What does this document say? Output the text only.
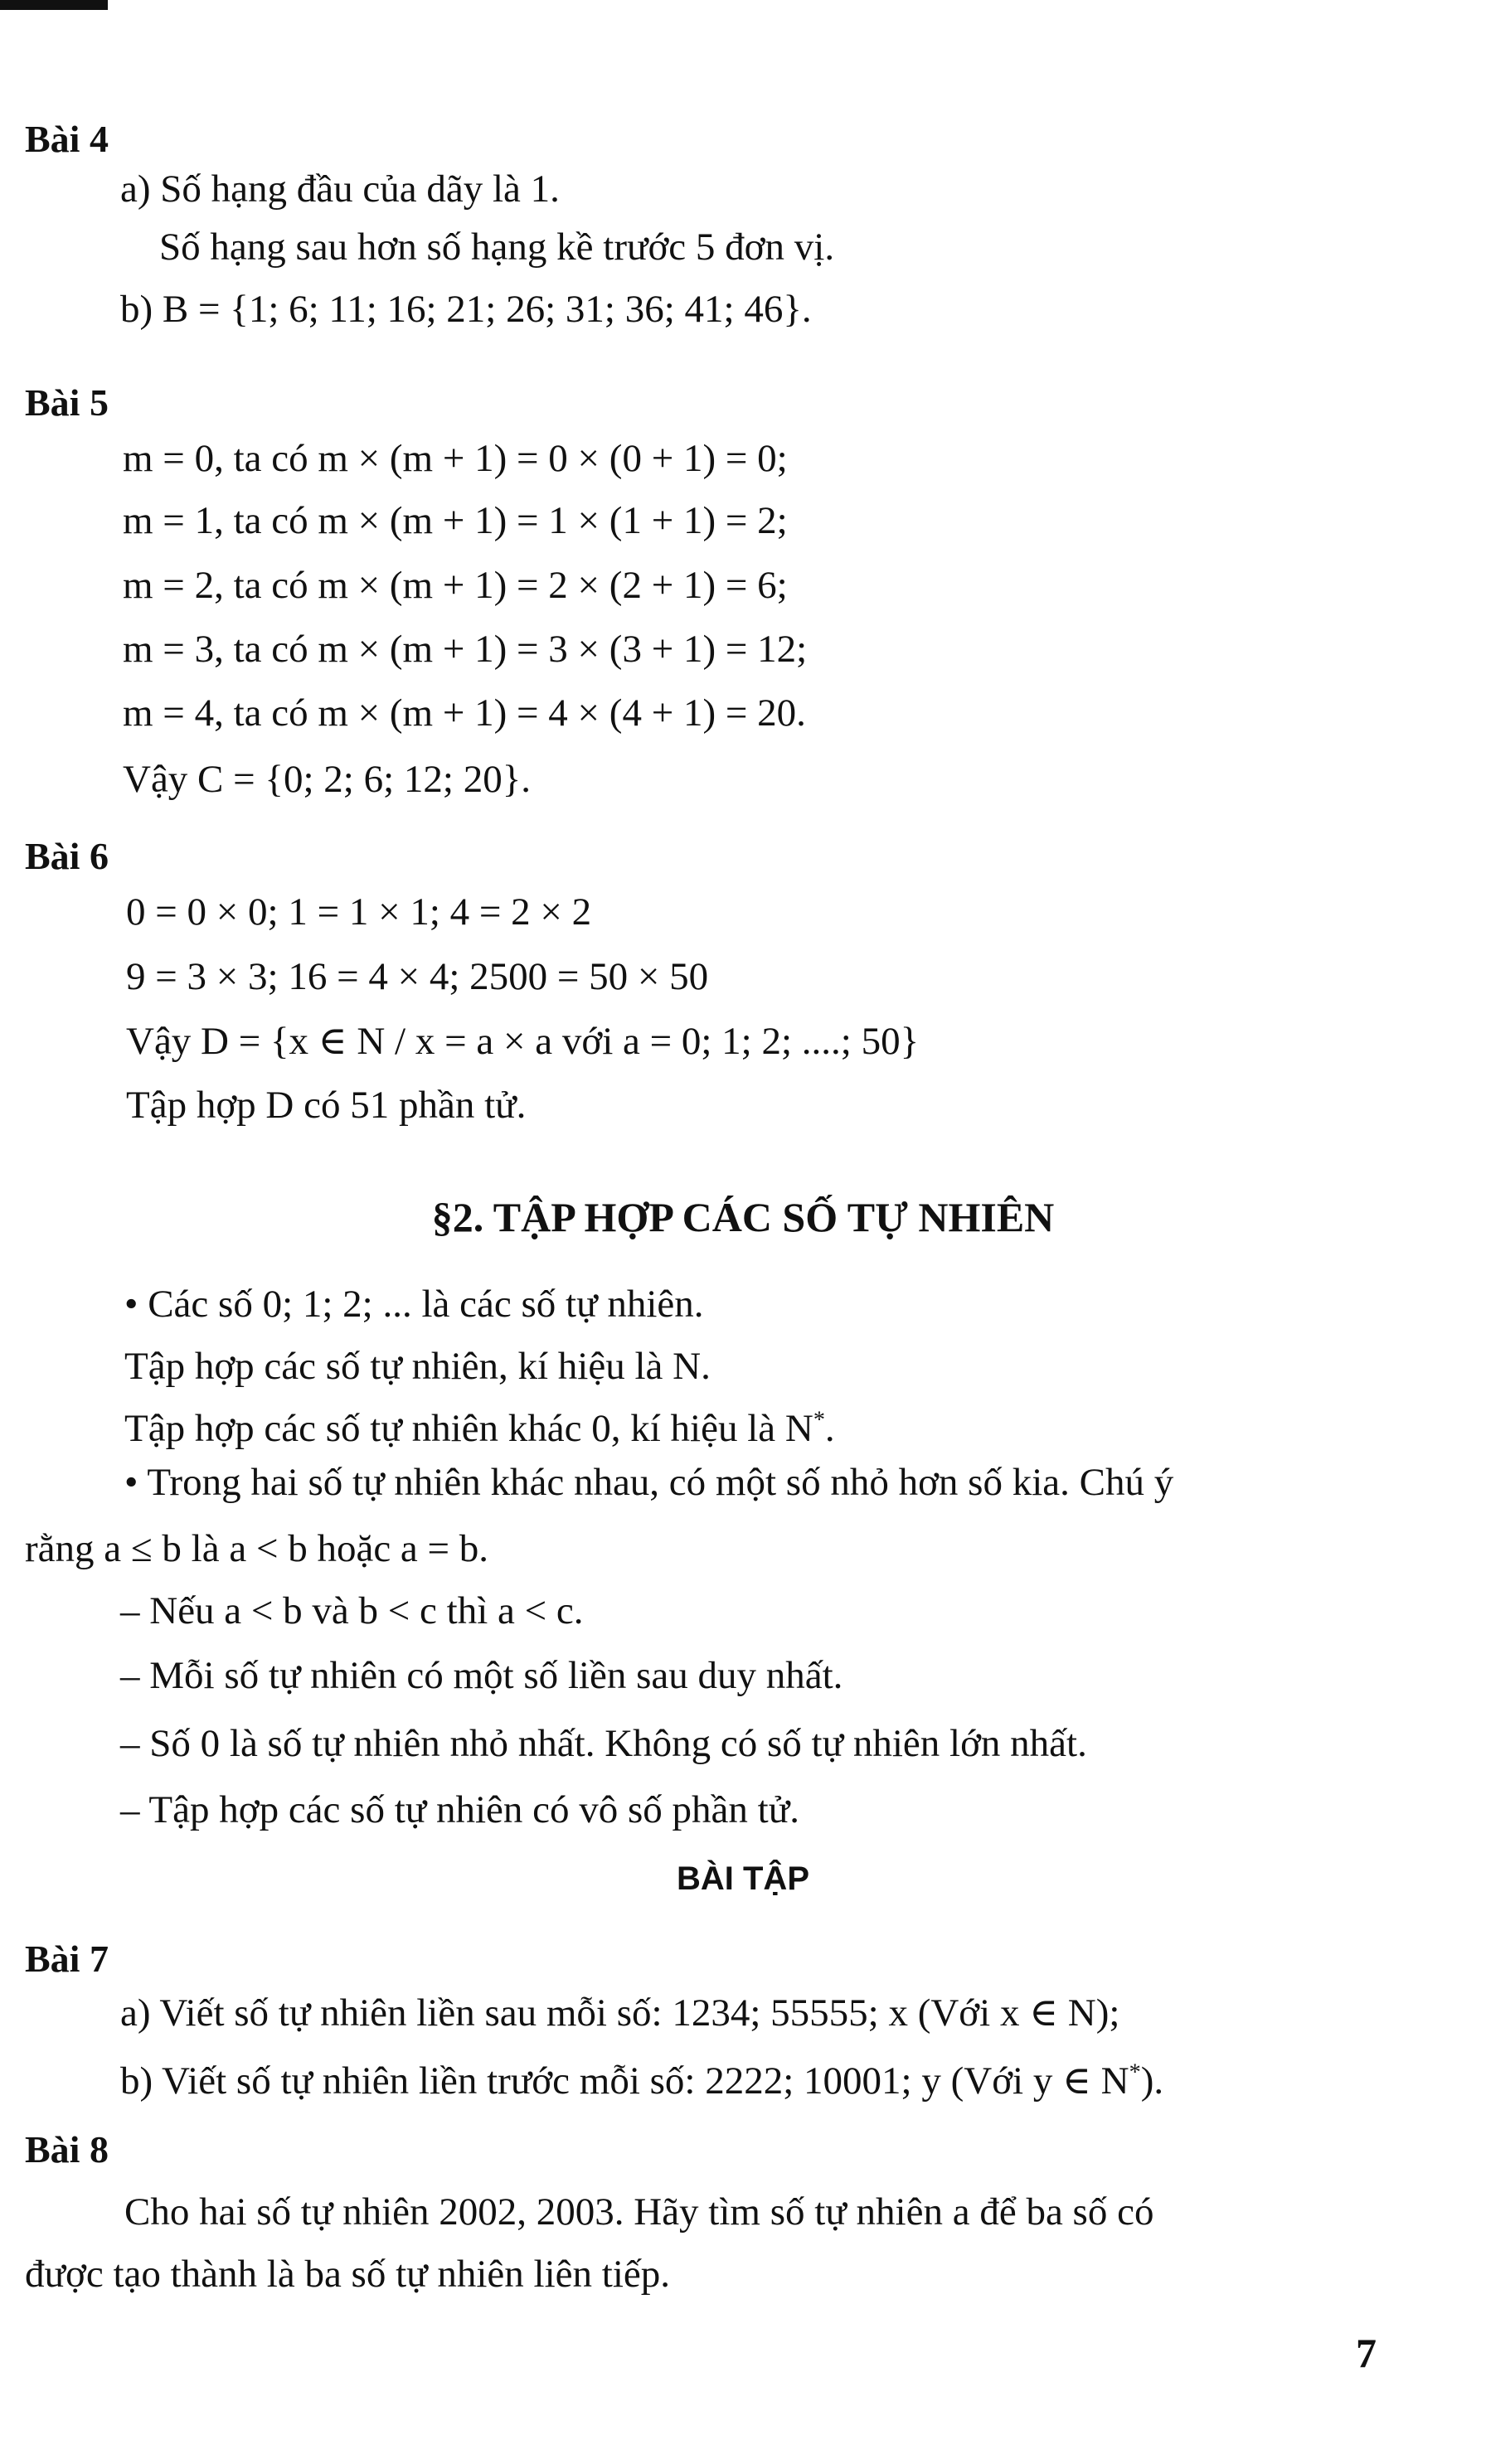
Bài 4
a) Số hạng đầu của dãy là 1.
Số hạng sau hơn số hạng kề trước 5 đơn vị.
b) B = {1; 6; 11; 16; 21; 26; 31; 36; 41; 46}.
Bài 5
m = 0, ta có m × (m + 1) = 0 × (0 + 1) = 0;
m = 1, ta có m × (m + 1) = 1 × (1 + 1) = 2;
m = 2, ta có m × (m + 1) = 2 × (2 + 1) = 6;
m = 3, ta có m × (m + 1) = 3 × (3 + 1) = 12;
m = 4, ta có m × (m + 1) = 4 × (4 + 1) = 20.
Vậy C = {0; 2; 6; 12; 20}.
Bài 6
0 = 0 × 0; 1 = 1 × 1; 4 = 2 × 2
9 = 3 × 3; 16 = 4 × 4; 2500 = 50 × 50
Vậy D = {x ∈ N / x = a × a với a = 0; 1; 2; ....; 50}
Tập hợp D có 51 phần tử.
§2. TẬP HỢP CÁC SỐ TỰ NHIÊN
• Các số 0; 1; 2; ... là các số tự nhiên.
Tập hợp các số tự nhiên, kí hiệu là N.
Tập hợp các số tự nhiên khác 0, kí hiệu là N*.
• Trong hai số tự nhiên khác nhau, có một số nhỏ hơn số kia. Chú ý
rằng a ≤ b là a < b hoặc a = b.
– Nếu a < b và b < c thì a < c.
– Mỗi số tự nhiên có một số liền sau duy nhất.
– Số 0 là số tự nhiên nhỏ nhất. Không có số tự nhiên lớn nhất.
– Tập hợp các số tự nhiên có vô số phần tử.
BÀI TẬP
Bài 7
a) Viết số tự nhiên liền sau mỗi số: 1234; 55555; x (Với x ∈ N);
b) Viết số tự nhiên liền trước mỗi số: 2222; 10001; y (Với y ∈ N*).
Bài 8
Cho hai số tự nhiên 2002, 2003. Hãy tìm số tự nhiên a để ba số có
được tạo thành là ba số tự nhiên liên tiếp.
7
